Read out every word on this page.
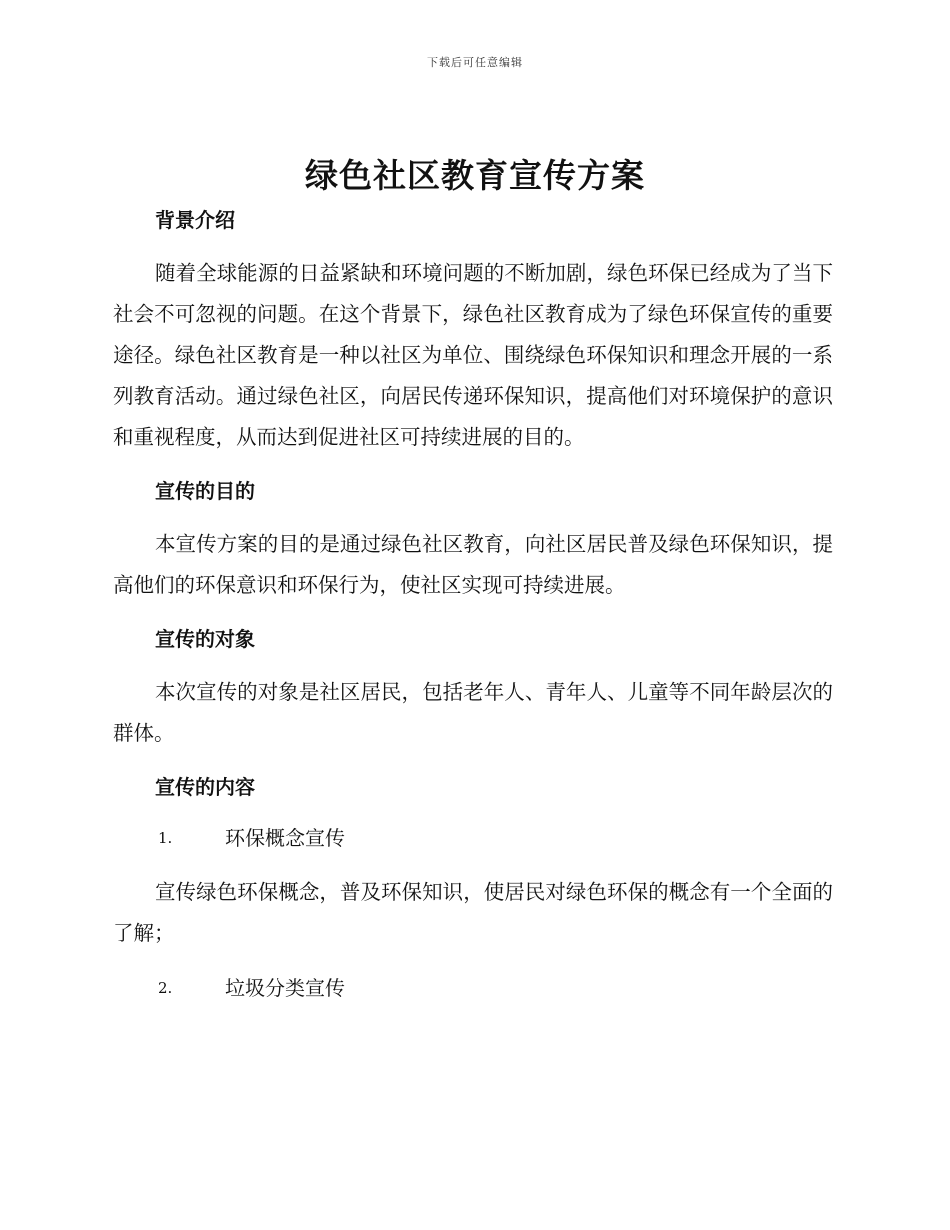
下载后可任意编辑
绿色社区教育宣传方案
背景介绍

随着全球能源的日益紧缺和环境问题的不断加剧，绿色环保已经成为了当下社会不可忽视的问题。在这个背景下，绿色社区教育成为了绿色环保宣传的重要途径。绿色社区教育是一种以社区为单位、围绕绿色环保知识和理念开展的一系列教育活动。通过绿色社区，向居民传递环保知识，提高他们对环境保护的意识和重视程度，从而达到促进社区可持续进展的目的。

宣传的目的

本宣传方案的目的是通过绿色社区教育，向社区居民普及绿色环保知识，提高他们的环保意识和环保行为，使社区实现可持续进展。

宣传的对象

本次宣传的对象是社区居民，包括老年人、青年人、儿童等不同年龄层次的群体。

宣传的内容
1.	环保概念宣传

宣传绿色环保概念，普及环保知识，使居民对绿色环保的概念有一个全面的了解；

2.	垃圾分类宣传
